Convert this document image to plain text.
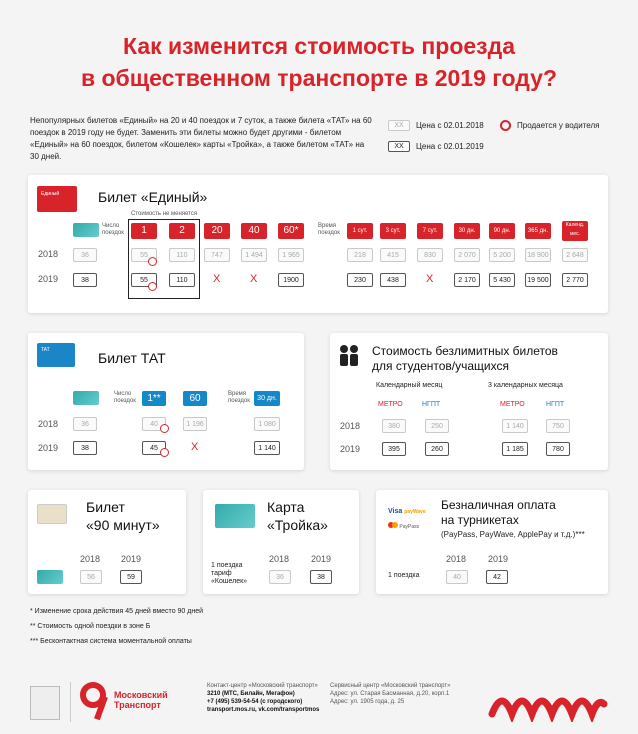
Как изменится стоимость проезда
в общественном транспорте в 2019 году?
Непопулярных билетов «Единый» на 20 и 40 поездок и 7 суток, а также билета «ТАТ» на 60 поездок в 2019 году не будет. Заменить эти билеты можно будет другими - билетом «Единый» на 60 поездок, билетом «Кошелек» карты «Тройка», а также билетом «ТАТ» на 30 дней.
XX	Цена с 02.01.2018
XX	Цена с 02.01.2019
Продается у водителя
Единый	Билет «Единый»
Стоимость не меняется
Число поездок	1	2	20	40	60*	Время поездок	1 сут.	3 сут.	7 сут.	30 дн.	90 дн.	365 дн.
Календ. мес.
2018	36	55	110	747	1 494	1 965	218	415	830	2 070	5 200	18 900	2 648
2019	38	55	110	X	X	1900	230	438	X	2 170	5 430	19 500	2 770
TAT	Билет ТАТ
Число поездок	1**	60	Время поездок	30 дн.
2018	36	40	1 196	1 080
2019	38	45	X	1 140
Стоимость безлимитных билетов
для студентов/учащихся
Календарный месяц	3 календарных месяца
МЕТРО	НГПТ	МЕТРО	НГПТ
2018	380	250	1 140	750
2019	395	260	1 185	780
Билет
«90 минут»
2018 2019
56	59
Карта
«Тройка»
2018 2019
1 поездка
тариф
«Кошелек»
36	38
Visa payWave
PayPass
Безналичная оплата
на турникетах
(PayPass, PayWave, ApplePay и т.д.)***
2018 2019
1 поездка	40	42
* Изменение срока действия 45 дней вместо 90 дней
** Стоимость одной поездки в зоне Б
*** Бесконтактная система моментальной оплаты
Московский
Транспорт
Контакт-центр «Московский транспорт»
3210 (МТС, Билайн, Мегафон)
+7 (495) 539-54-54 (с городского)
transport.mos.ru, vk.com/transportmos
Сервисный центр «Московский транспорт»
Адрес: ул. Старая Басманная, д.20, корп.1
Адрес: ул. 1905 года, д. 25
